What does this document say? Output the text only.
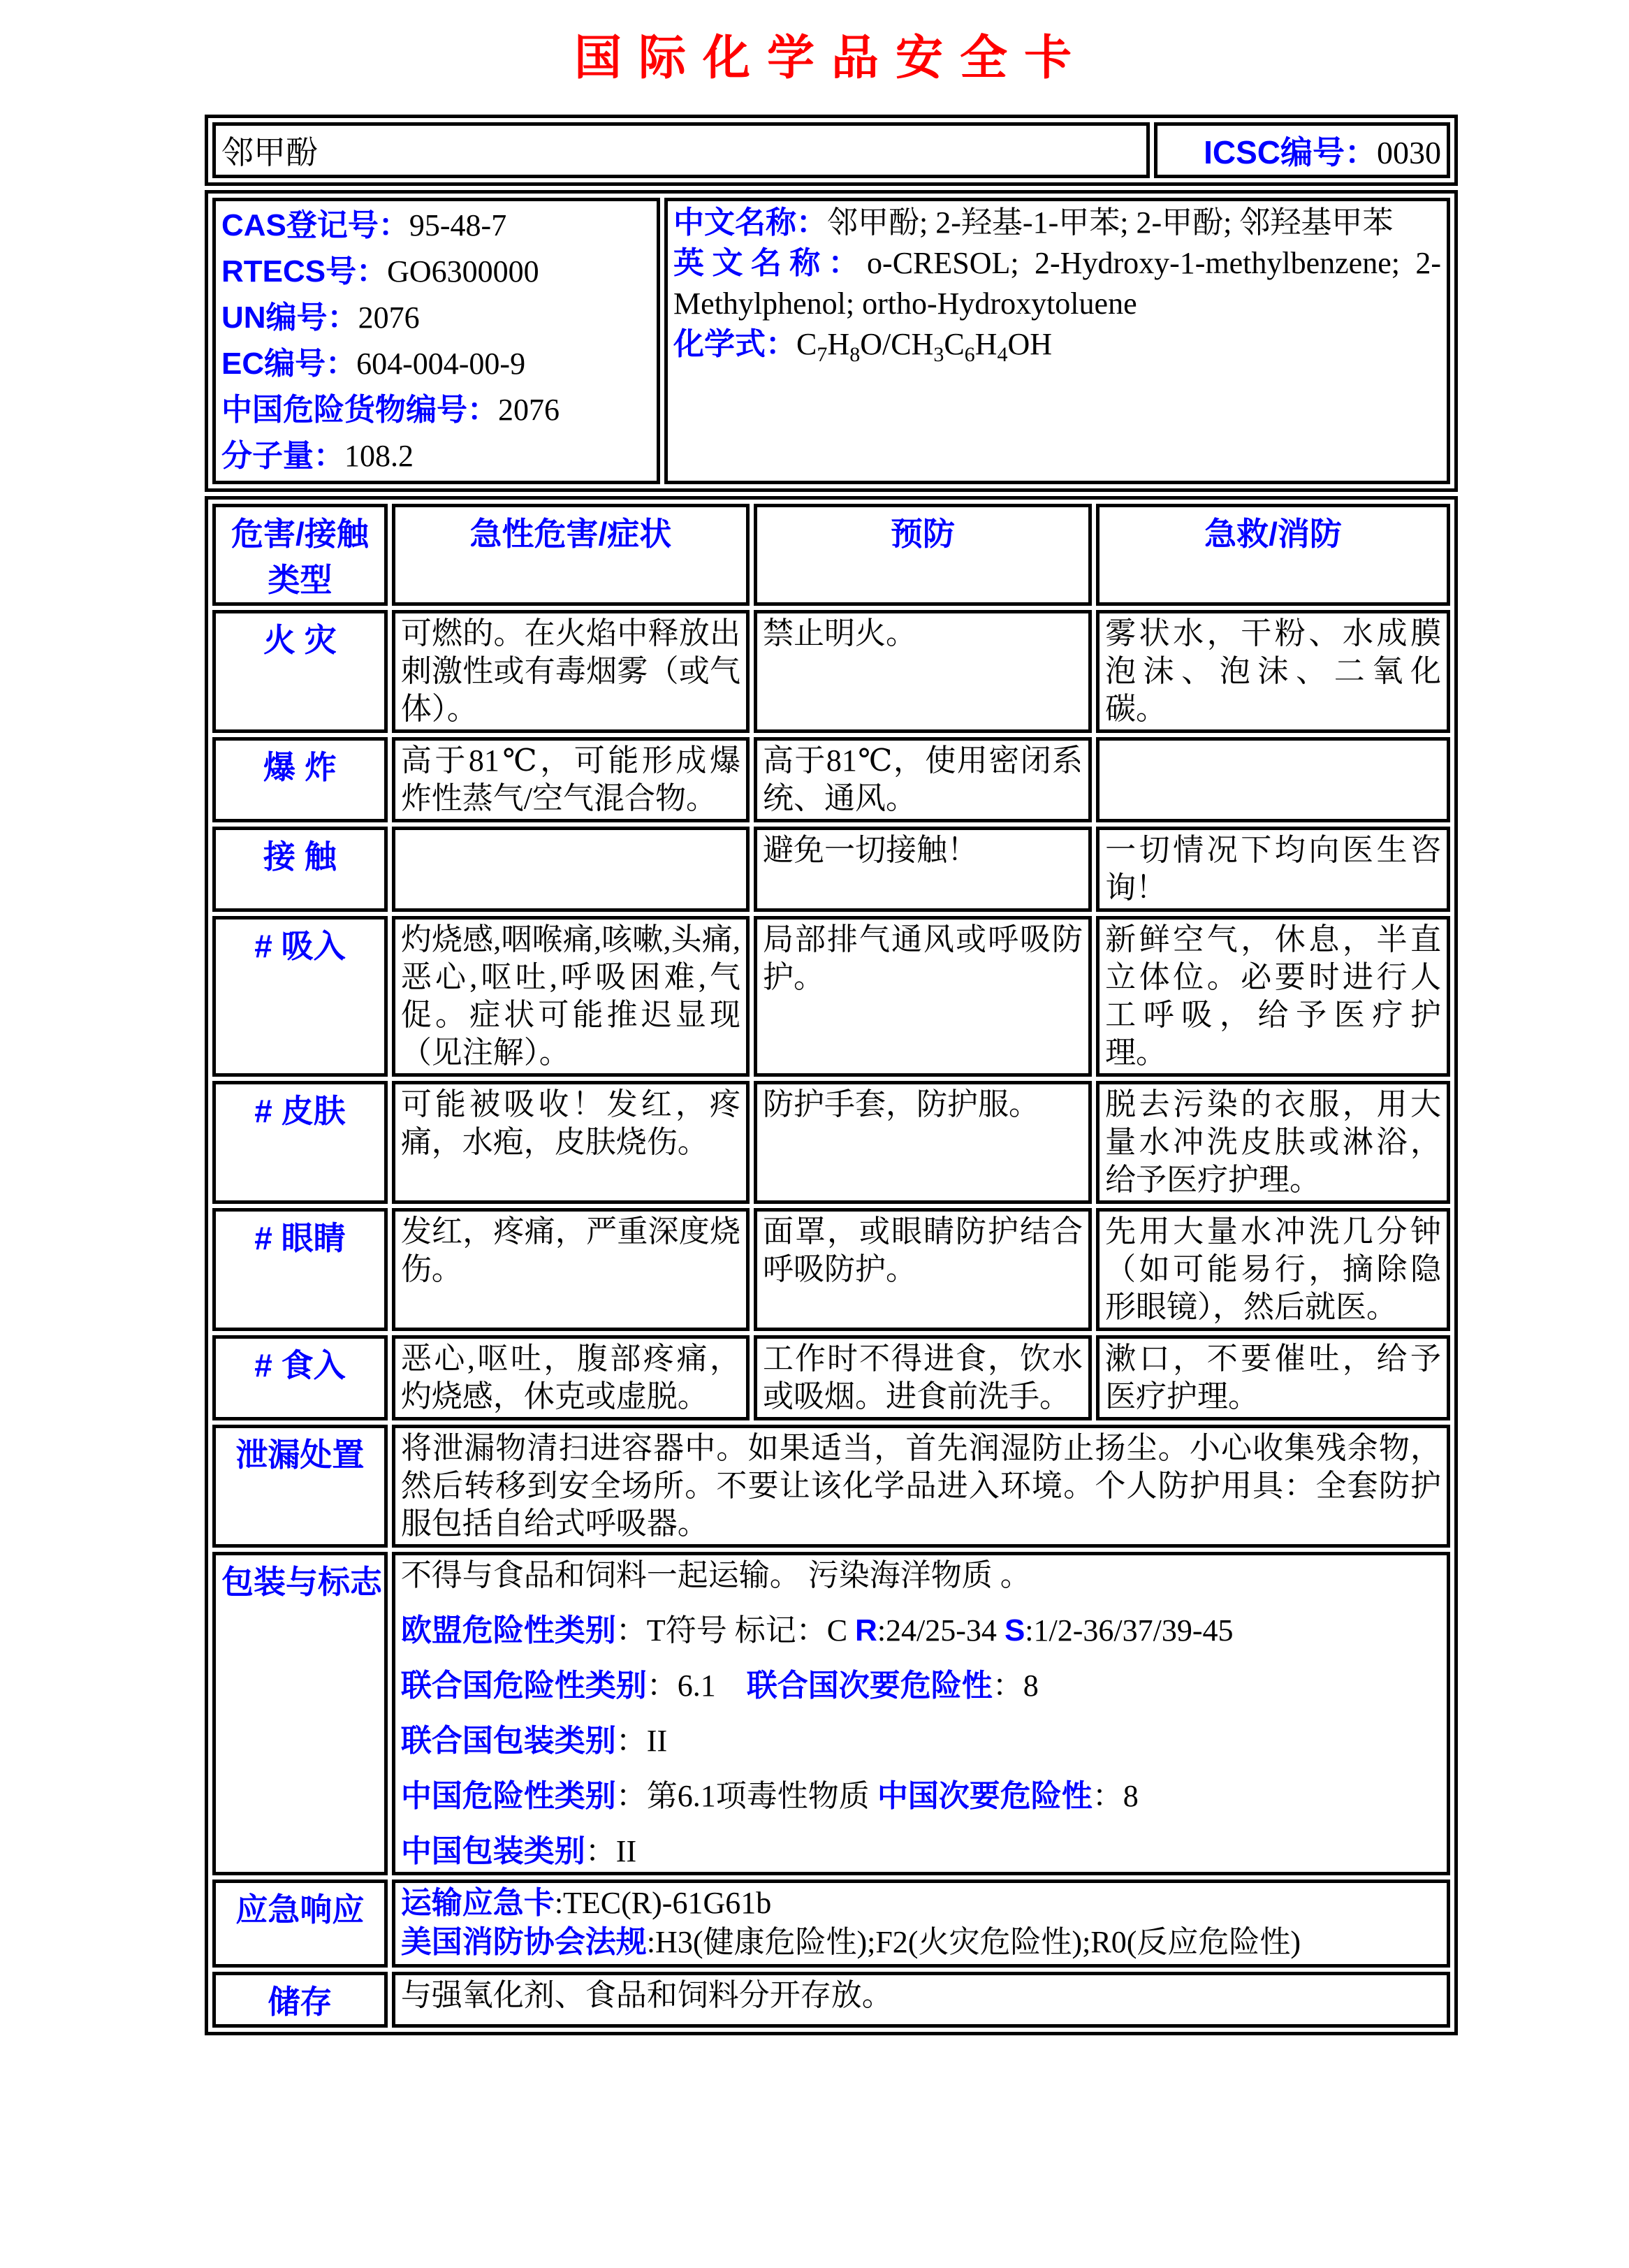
国际化学品安全卡
邻甲酚	ICSC编号：0030
CAS登记号：95-48-7
RTECS号：GO6300000
UN编号：2076
EC编号：604-004-00-9
中国危险货物编号：2076
分子量：108.2

中文名称：邻甲酚; 2-羟基-1-甲苯; 2-甲酚; 邻羟基甲苯

英文名称：o-CRESOL; 2-Hydroxy-1-methylbenzene; 2-Methylphenol; ortho-Hydroxytoluene

化学式：$C_7H_8O/CH_3C_6H_4OH$

危害/接触类型	急性危害/症状	预防	急救/消防
火 灾	可燃的。在火焰中释放出刺激性或有毒烟雾（或气体）。	禁止明火。	雾状水，干粉、水成膜泡沫、泡沫、二氧化碳。
爆 炸	高于81℃，可能形成爆炸性蒸气/空气混合物。	高于81℃，使用密闭系统、通风。	
接 触		避免一切接触！	一切情况下均向医生咨询！
# 吸入	灼烧感,咽喉痛,咳嗽,头痛,恶心,呕吐,呼吸困难,气促。症状可能推迟显现（见注解）。	局部排气通风或呼吸防护。	新鲜空气，休息，半直立体位。必要时进行人工呼吸，给予医疗护理。
# 皮肤	可能被吸收！发红，疼痛，水疱，皮肤烧伤。	防护手套，防护服。	脱去污染的衣服，用大量水冲洗皮肤或淋浴，给予医疗护理。
# 眼睛	发红，疼痛，严重深度烧伤。	面罩，或眼睛防护结合呼吸防护。	先用大量水冲洗几分钟（如可能易行，摘除隐形眼镜），然后就医。
# 食入	恶心,呕吐，腹部疼痛，灼烧感，休克或虚脱。	工作时不得进食，饮水或吸烟。进食前洗手。	漱口，不要催吐，给予医疗护理。
泄漏处置	将泄漏物清扫进容器中。如果适当，首先润湿防止扬尘。小心收集残余物，然后转移到安全场所。不要让该化学品进入环境。个人防护用具：全套防护服包括自给式呼吸器。		

包装与标志	不得与食品和饲料一起运输。 污染海洋物质 。
欧盟危险性类别：T符号 标记：C R:24/25-34 S:1/2-36/37/39-45
联合国危险性类别：6.1　联合国次要危险性：8
联合国包装类别：II
中国危险性类别：第6.1项毒性物质 中国次要危险性：8
中国包装类别：II

应急响应	运输应急卡:TEC(R)-61G61b
美国消防协会法规:H3(健康危险性);F2(火灾危险性);R0(反应危险性)		

储存	与强氧化剂、食品和饲料分开存放。		
